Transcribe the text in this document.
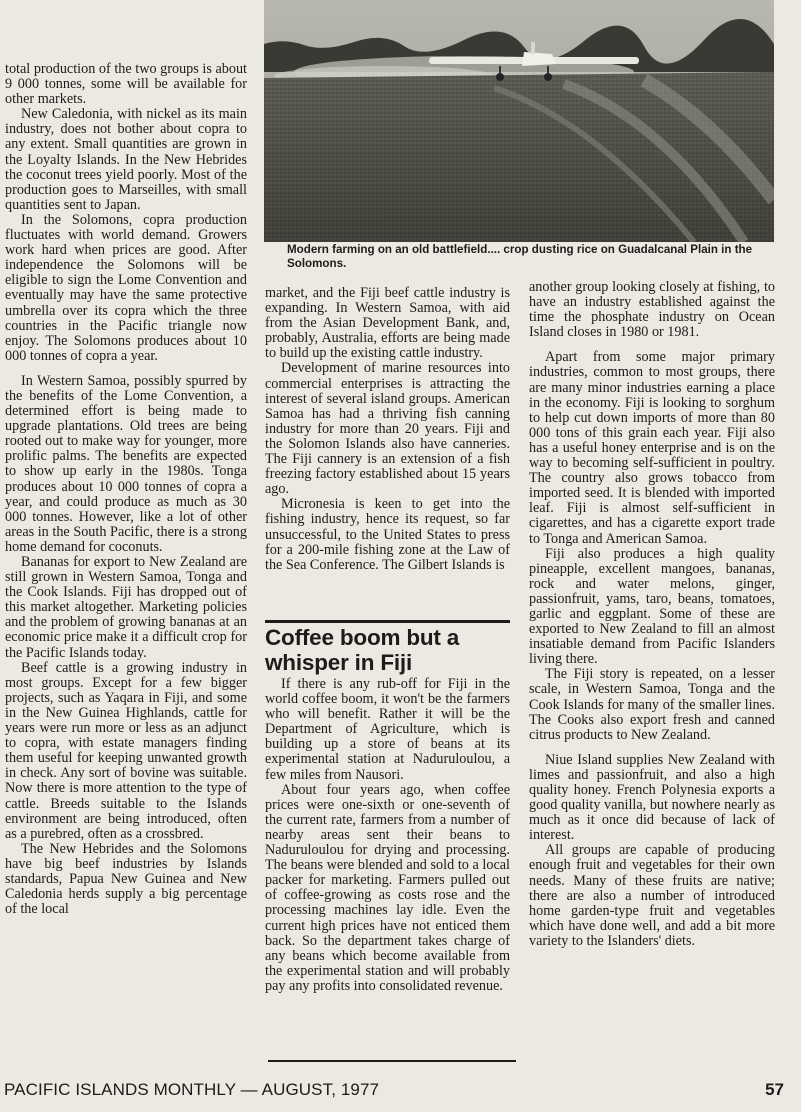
Modern farming on an old battlefield.... crop dusting rice on Guadalcanal Plain in the Solomons.

total production of the two groups is about 9 000 tonnes, some will be available for other markets.

New Caledonia, with nickel as its main industry, does not bother about copra to any extent. Small quantities are grown in the Loyalty Islands. In the New Hebrides the coconut trees yield poorly. Most of the production goes to Marseilles, with small quantities sent to Japan.

In the Solomons, copra production fluctuates with world demand. Growers work hard when prices are good. After independence the Solomons will be eligible to sign the Lome Convention and eventually may have the same protective umbrella over its copra which the three countries in the Pacific triangle now enjoy. The Solomons produces about 10 000 tonnes of copra a year.

In Western Samoa, possibly spurred by the benefits of the Lome Convention, a determined effort is being made to upgrade plantations. Old trees are being rooted out to make way for younger, more prolific palms. The benefits are expected to show up early in the 1980s. Tonga produces about 10 000 tonnes of copra a year, and could produce as much as 30 000 tonnes. However, like a lot of other areas in the South Pacific, there is a strong home demand for coconuts.

Bananas for export to New Zealand are still grown in Western Samoa, Tonga and the Cook Islands. Fiji has dropped out of this market altogether. Marketing policies and the problem of growing bananas at an economic price make it a difficult crop for the Pacific Islands today.

Beef cattle is a growing industry in most groups. Except for a few bigger projects, such as Yaqara in Fiji, and some in the New Guinea Highlands, cattle for years were run more or less as an adjunct to copra, with estate managers finding them useful for keeping unwanted growth in check. Any sort of bovine was suitable. Now there is more attention to the type of cattle. Breeds suitable to the Islands environment are being introduced, often as a purebred, often as a crossbred.

The New Hebrides and the Solomons have big beef industries by Islands standards, Papua New Guinea and New Caledonia herds supply a big percentage of the local

market, and the Fiji beef cattle industry is expanding. In Western Samoa, with aid from the Asian Development Bank, and, probably, Australia, efforts are being made to build up the existing cattle industry.

Development of marine resources into commercial enterprises is attracting the interest of several island groups. American Samoa has had a thriving fish canning industry for more than 20 years. Fiji and the Solomon Islands also have canneries. The Fiji cannery is an extension of a fish freezing factory established about 15 years ago.

Micronesia is keen to get into the fishing industry, hence its request, so far unsuccessful, to the United States to press for a 200-mile fishing zone at the Law of the Sea Conference. The Gilbert Islands is

Coffee boom but a whisper in Fiji

If there is any rub-off for Fiji in the world coffee boom, it won't be the farmers who will benefit. Rather it will be the Department of Agriculture, which is building up a store of beans at its experimental station at Naduruloulou, a few miles from Nausori.

About four years ago, when coffee prices were one-sixth or one-seventh of the current rate, farmers from a number of nearby areas sent their beans to Naduruloulou for drying and processing. The beans were blended and sold to a local packer for marketing. Farmers pulled out of coffee-growing as costs rose and the processing machines lay idle. Even the current high prices have not enticed them back. So the department takes charge of any beans which become available from the experimental station and will probably pay any profits into consolidated revenue.

another group looking closely at fishing, to have an industry established against the time the phosphate industry on Ocean Island closes in 1980 or 1981.

Apart from some major primary industries, common to most groups, there are many minor industries earning a place in the economy. Fiji is looking to sorghum to help cut down imports of more than 80 000 tons of this grain each year. Fiji also has a useful honey enterprise and is on the way to becoming self-sufficient in poultry. The country also grows tobacco from imported seed. It is blended with imported leaf. Fiji is almost self-sufficient in cigarettes, and has a cigarette export trade to Tonga and American Samoa.

Fiji also produces a high quality pineapple, excellent mangoes, bananas, rock and water melons, ginger, passionfruit, yams, taro, beans, tomatoes, garlic and eggplant. Some of these are exported to New Zealand to fill an almost insatiable demand from Pacific Islanders living there.

The Fiji story is repeated, on a lesser scale, in Western Samoa, Tonga and the Cook Islands for many of the smaller lines. The Cooks also export fresh and canned citrus products to New Zealand.

Niue Island supplies New Zealand with limes and passionfruit, and also a high quality honey. French Polynesia exports a good quality vanilla, but nowhere nearly as much as it once did because of lack of interest.

All groups are capable of producing enough fruit and vegetables for their own needs. Many of these fruits are native; there are also a number of introduced home garden-type fruit and vegetables which have done well, and add a bit more variety to the Islanders' diets.

PACIFIC ISLANDS MONTHLY — AUGUST, 1977	57
